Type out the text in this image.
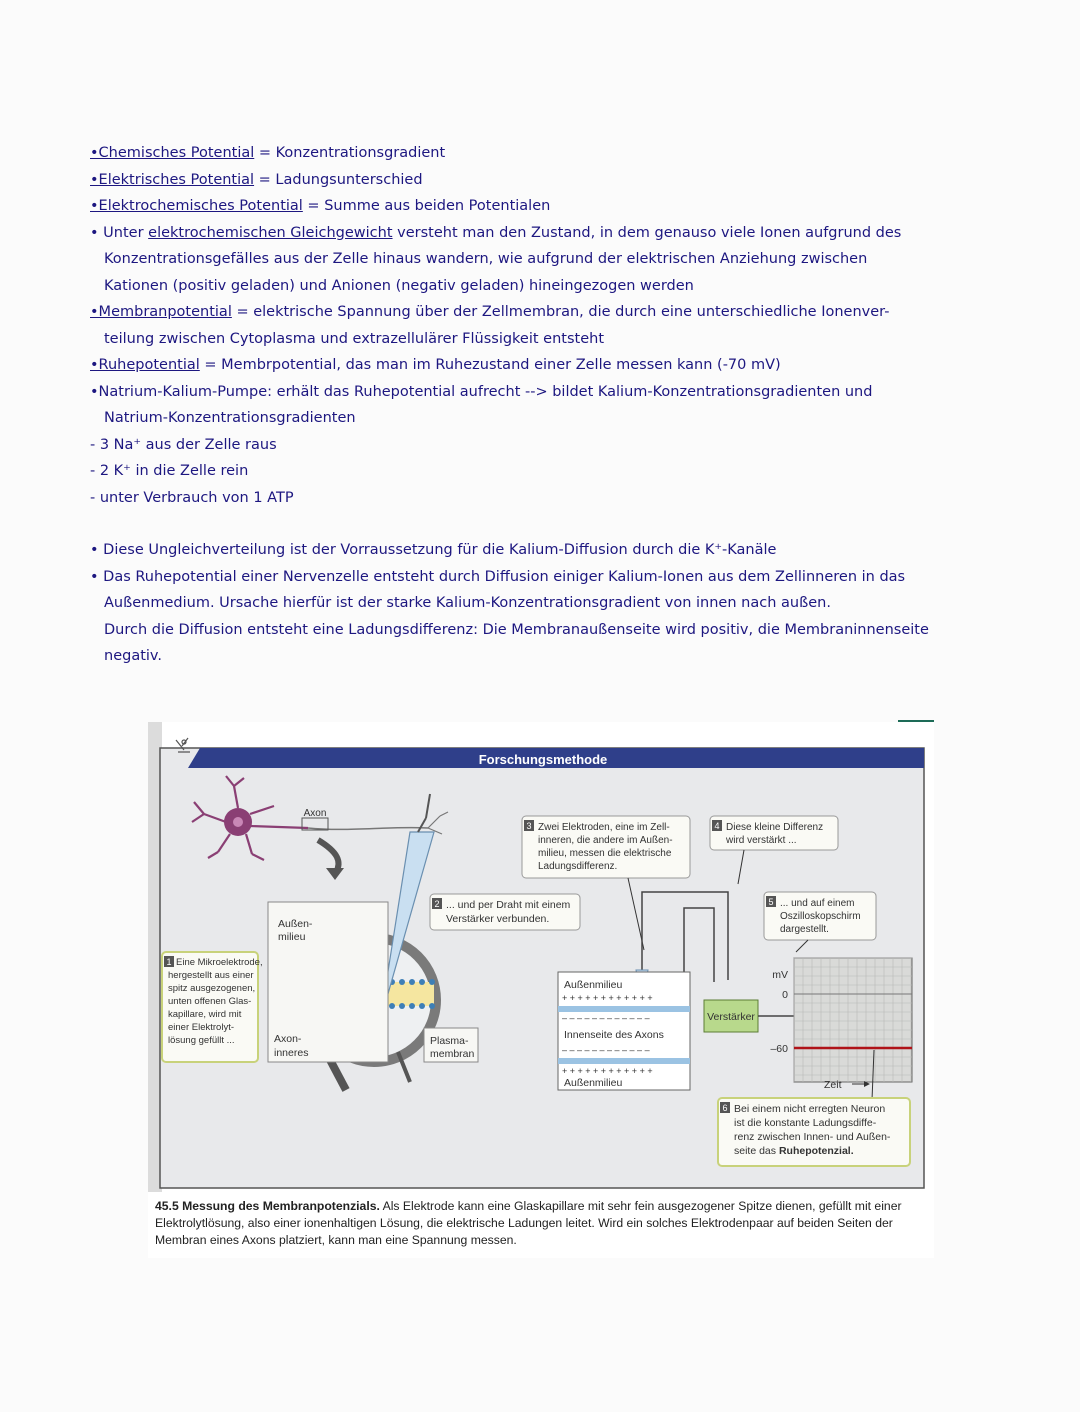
•Chemisches Potential = Konzentrationsgradient
•Elektrisches Potential = Ladungsunterschied
•Elektrochemisches Potential = Summe aus beiden Potentialen
• Unter elektrochemischen Gleichgewicht versteht man den Zustand, in dem genauso viele Ionen aufgrund des
Konzentrationsgefälles aus der Zelle hinaus wandern, wie aufgrund der elektrischen Anziehung zwischen
Kationen (positiv geladen) und Anionen (negativ geladen) hineingezogen werden
•Membranpotential = elektrische Spannung über der Zellmembran, die durch eine unterschiedliche Ionenver-
teilung zwischen Cytoplasma und extrazellulärer Flüssigkeit entsteht
•Ruhepotential = Membrpotential, das man im Ruhezustand einer Zelle messen kann (-70 mV)
•Natrium-Kalium-Pumpe: erhält das Ruhepotential aufrecht --> bildet Kalium-Konzentrationsgradienten und
Natrium-Konzentrationsgradienten
- 3 Na⁺ aus der Zelle raus
- 2 K⁺ in die Zelle rein
- unter Verbrauch von 1 ATP
• Diese Ungleichverteilung ist der Vorraussetzung für die Kalium-Diffusion durch die K⁺-Kanäle
• Das Ruhepotential einer Nervenzelle entsteht durch Diffusion einiger Kalium-Ionen aus dem Zellinneren in das
Außenmedium. Ursache hierfür ist der starke Kalium-Konzentrationsgradient von innen nach außen.
Durch die Diffusion entsteht eine Ladungsdifferenz: Die Membranaußenseite wird positiv, die Membraninnenseite
negativ.
Forschungsmethode
Axon
Außen-
milieu
Axon-
inneres
Plasma-
membran
1 Eine Mikroelektrode,
hergestellt aus einer
spitz ausgezogenen,
unten offenen Glas-
kapillare, wird mit
einer Elektrolyt-
lösung gefüllt ...
2 ... und per Draht mit einem
Verstärker verbunden.
3 Zwei Elektroden, eine im Zell-
inneren, die andere im Außen-
milieu, messen die elektrische
Ladungsdifferenz.
4 Diese kleine Differenz
wird verstärkt ...
Außenmilieu
+ + + + + + + + + + + +
– – – – – – – – – – – –
Innenseite des Axons
– – – – – – – – – – – –
+ + + + + + + + + + + +
Außenmilieu
Verstärker
5 ... und auf einem
Oszilloskopschirm
dargestellt.
mV
0
–60
Zeit
6 Bei einem nicht erregten Neuron
ist die konstante Ladungsdiffe-
renz zwischen Innen- und Außen-
seite das Ruhepotenzial.
45.5 Messung des Membranpotenzials. Als Elektrode kann eine Glaskapillare mit sehr fein ausgezogener Spitze dienen, gefüllt mit einer Elektrolytlösung, also einer ionenhaltigen Lösung, die elektrische Ladungen leitet. Wird ein solches Elektrodenpaar auf beiden Seiten der Membran eines Axons platziert, kann man eine Spannung messen.
